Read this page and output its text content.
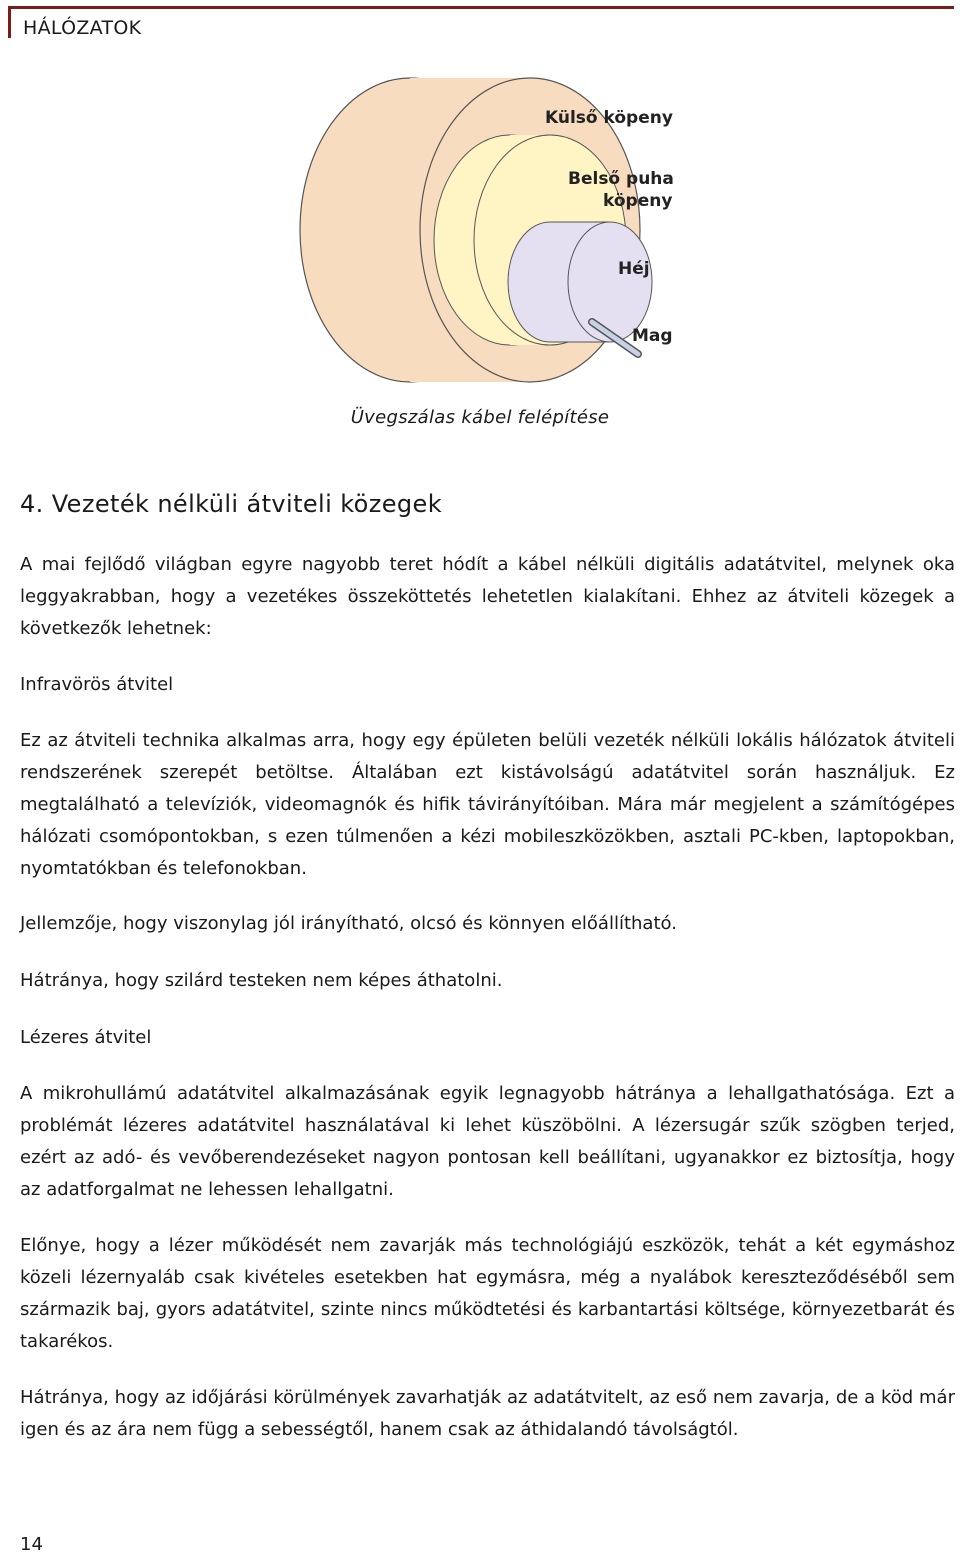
HÁLÓZATOK
Külső köpeny
Belső puha
köpeny
Héj
Mag
Üvegszálas kábel felépítése
4. Vezeték nélküli átviteli közegek
A mai fejlődő világban egyre nagyobb teret hódít a kábel nélküli digitális adatátvitel, melynek oka leggyakrabban, hogy a vezetékes összeköttetés lehetetlen kialakítani. Ehhez az átviteli közegek a következők lehetnek:
Infravörös átvitel
Ez az átviteli technika alkalmas arra, hogy egy épületen belüli vezeték nélküli lokális hálózatok átviteli rendszerének szerepét betöltse. Általában ezt kistávolságú adatátvitel során használjuk. Ez megtalálható a televíziók, videomagnók és hifik távirányítóiban. Mára már megjelent a számítógépes hálózati csomópontokban, s ezen túlmenően a kézi mobileszközökben, asztali PC-kben, laptopokban, nyomtatókban és telefonokban.
Jellemzője, hogy viszonylag jól irányítható, olcsó és könnyen előállítható.
Hátránya, hogy szilárd testeken nem képes áthatolni.
Lézeres átvitel
A mikrohullámú adatátvitel alkalmazásának egyik legnagyobb hátránya a lehallgathatósága. Ezt a problémát lézeres adatátvitel használatával ki lehet küszöbölni. A lézersugár szűk szögben terjed, ezért az adó- és vevőberendezéseket nagyon pontosan kell beállítani, ugyanakkor ez biztosítja, hogy az adatforgalmat ne lehessen lehallgatni.
Előnye, hogy a lézer működését nem zavarják más technológiájú eszközök, tehát a két egymáshoz közeli lézernyaláb csak kivételes esetekben hat egymásra, még a nyalábok kereszteződéséből sem származik baj, gyors adatátvitel, szinte nincs működtetési és karbantartási költsége, környezetbarát és takarékos.
Hátránya, hogy az időjárási körülmények zavarhatják az adatátvitelt, az eső nem zavarja, de a köd már igen és az ára nem függ a sebességtől, hanem csak az áthidalandó távolságtól.
14
